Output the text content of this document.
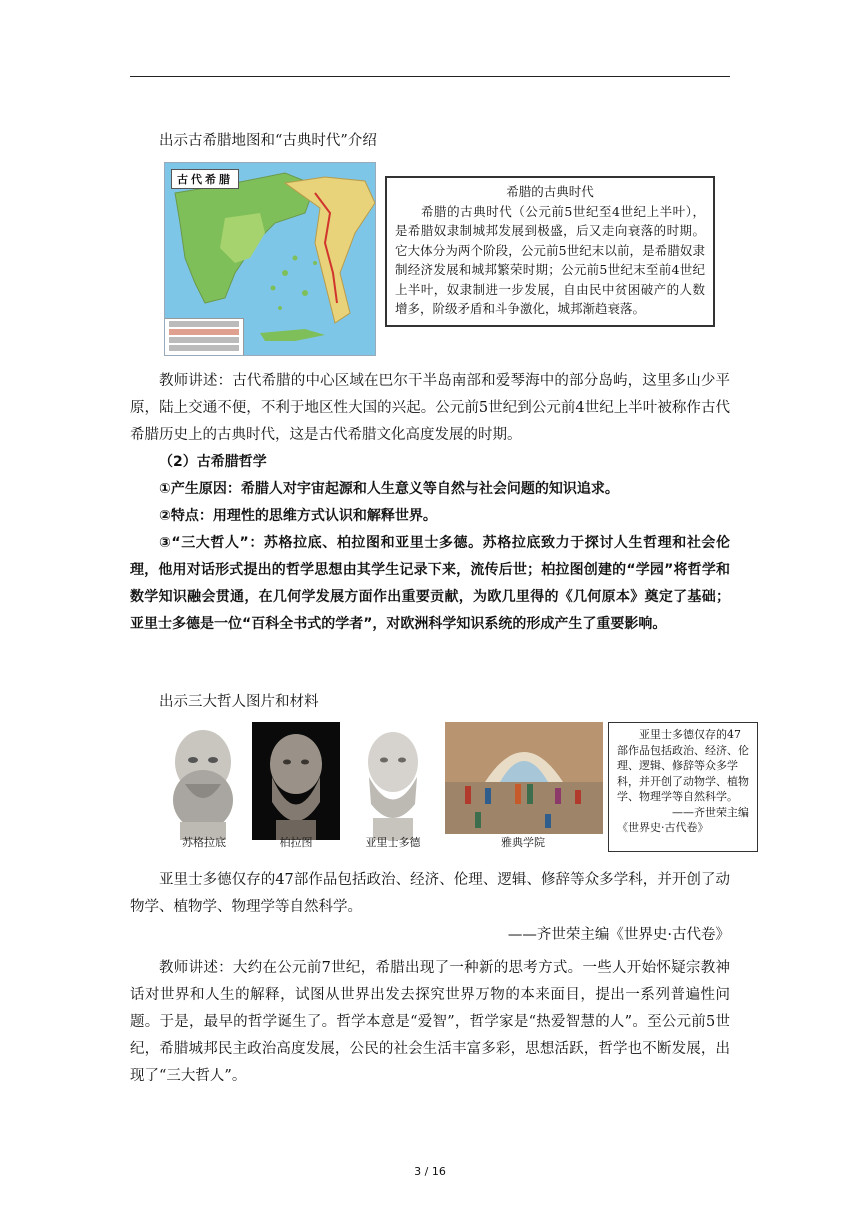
出示古希腊地图和“古典时代”介绍
古代希腊
希腊的古典时代
希腊的古典时代（公元前5世纪至4世纪上半叶），是希腊奴隶制城邦发展到极盛，后又走向衰落的时期。它大体分为两个阶段，公元前5世纪末以前，是希腊奴隶制经济发展和城邦繁荣时期；公元前5世纪末至前4世纪上半叶，奴隶制进一步发展，自由民中贫困破产的人数增多，阶级矛盾和斗争激化，城邦渐趋衰落。
教师讲述：古代希腊的中心区域在巴尔干半岛南部和爱琴海中的部分岛屿，这里多山少平原，陆上交通不便，不利于地区性大国的兴起。公元前5世纪到公元前4世纪上半叶被称作古代希腊历史上的古典时代，这是古代希腊文化高度发展的时期。
（2）古希腊哲学
①产生原因：希腊人对宇宙起源和人生意义等自然与社会问题的知识追求。
②特点：用理性的思维方式认识和解释世界。
③“三大哲人”：苏格拉底、柏拉图和亚里士多德。苏格拉底致力于探讨人生哲理和社会伦理，他用对话形式提出的哲学思想由其学生记录下来，流传后世；柏拉图创建的“学园”将哲学和数学知识融会贯通，在几何学发展方面作出重要贡献，为欧几里得的《几何原本》奠定了基础；亚里士多德是一位“百科全书式的学者”，对欧洲科学知识系统的形成产生了重要影响。
出示三大哲人图片和材料
苏格拉底	柏拉图	亚里士多德	雅典学院
亚里士多德仅存的47部作品包括政治、经济、伦理、逻辑、修辞等众多学科，并开创了动物学、植物学、物理学等自然科学。
——齐世荣主编
《世界史·古代卷》
亚里士多德仅存的47部作品包括政治、经济、伦理、逻辑、修辞等众多学科，并开创了动物学、植物学、物理学等自然科学。
——齐世荣主编《世界史·古代卷》
教师讲述：大约在公元前7世纪，希腊出现了一种新的思考方式。一些人开始怀疑宗教神话对世界和人生的解释，试图从世界出发去探究世界万物的本来面目，提出一系列普遍性问题。于是，最早的哲学诞生了。哲学本意是“爱智”，哲学家是“热爱智慧的人”。至公元前5世纪，希腊城邦民主政治高度发展，公民的社会生活丰富多彩，思想活跃，哲学也不断发展，出现了“三大哲人”。
3 / 16
